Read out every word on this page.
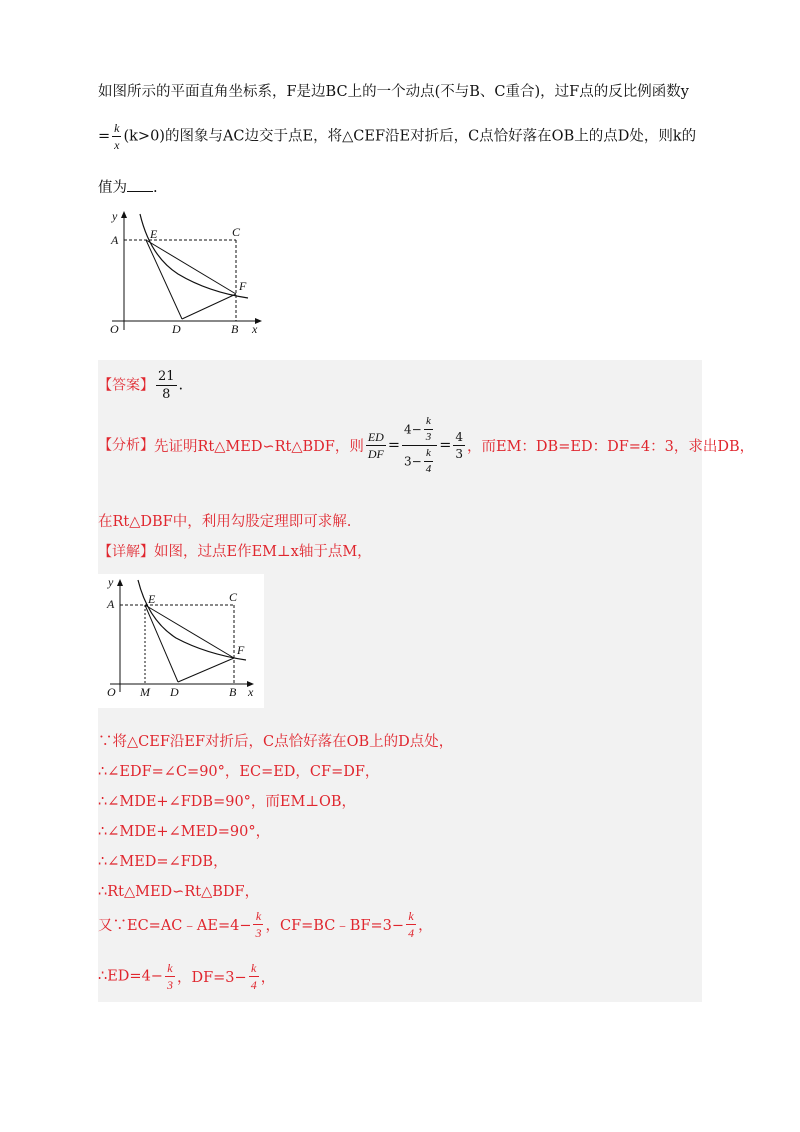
如图所示的平面直角坐标系，F是边BC上的一个动点(不与B、C重合)，过F点的反比例函数y
= $\frac{k}{x} (k>0)$的图象与AC边交于点E，将△CEF沿E对折后，C点恰好落在OB上的点D处，则k的
值为 .
y
A	E	C
F
O	D	B x
【答案】 $\frac{21}{8}$ .
【分析】先证明Rt△MED∽Rt△BDF，则 $\frac{ED}{DF} = \frac{4- \frac{k}{3}}{3- \frac{k}{4}} = \frac{4}{3}$ ，而EM：DB=ED：DF=4：3，求出DB，
在Rt△DBF中，利用勾股定理即可求解.
【详解】如图，过点E作EM⊥x轴于点M，
y
A	E	C
F
O M D	B x
∵将△CEF沿EF对折后，C点恰好落在OB上的D点处，
∴∠EDF=∠C=90°，EC=ED，CF=DF，
∴∠MDE+∠FDB=90°，而EM⊥OB，
∴∠MDE+∠MED=90°，
∴∠MED=∠FDB，
∴Rt△MED∽Rt△BDF，
又∵EC=AC﹣AE=4− $\frac{k}{3}$ ，CF=BC﹣BF=3− $\frac{k}{4}$ ，
∴ED=4− $\frac{k}{3}$ ，$DF=3- \frac{k}{4}$ ，
